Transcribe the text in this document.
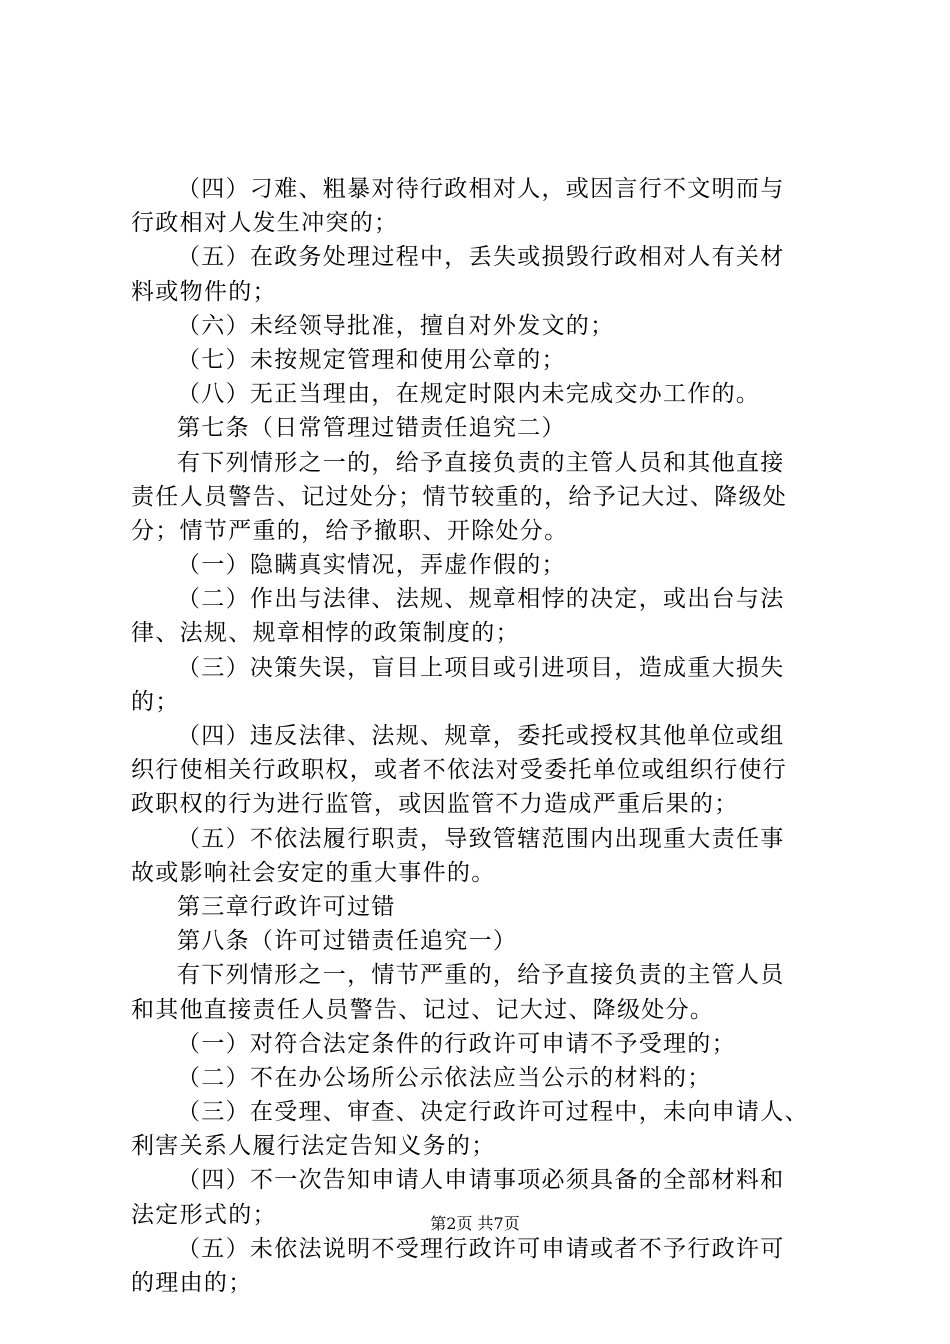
（四）刁难、粗暴对待行政相对人，或因言行不文明而与
行政相对人发生冲突的；
（五）在政务处理过程中，丢失或损毁行政相对人有关材
料或物件的；
（六）未经领导批准，擅自对外发文的；
（七）未按规定管理和使用公章的；
（八）无正当理由，在规定时限内未完成交办工作的。
第七条（日常管理过错责任追究二）
有下列情形之一的，给予直接负责的主管人员和其他直接
责任人员警告、记过处分；情节较重的，给予记大过、降级处
分；情节严重的，给予撤职、开除处分。
（一）隐瞒真实情况，弄虚作假的；
（二）作出与法律、法规、规章相悖的决定，或出台与法
律、法规、规章相悖的政策制度的；
（三）决策失误，盲目上项目或引进项目，造成重大损失
的；
（四）违反法律、法规、规章，委托或授权其他单位或组
织行使相关行政职权，或者不依法对受委托单位或组织行使行
政职权的行为进行监管，或因监管不力造成严重后果的；
（五）不依法履行职责，导致管辖范围内出现重大责任事
故或影响社会安定的重大事件的。
第三章行政许可过错
第八条（许可过错责任追究一）
有下列情形之一，情节严重的，给予直接负责的主管人员
和其他直接责任人员警告、记过、记大过、降级处分。
（一）对符合法定条件的行政许可申请不予受理的；
（二）不在办公场所公示依法应当公示的材料的；
（三）在受理、审查、决定行政许可过程中，未向申请人、
利害关系人履行法定告知义务的；
（四）不一次告知申请人申请事项必须具备的全部材料和
法定形式的；
（五）未依法说明不受理行政许可申请或者不予行政许可
的理由的；
第2页 共7页
